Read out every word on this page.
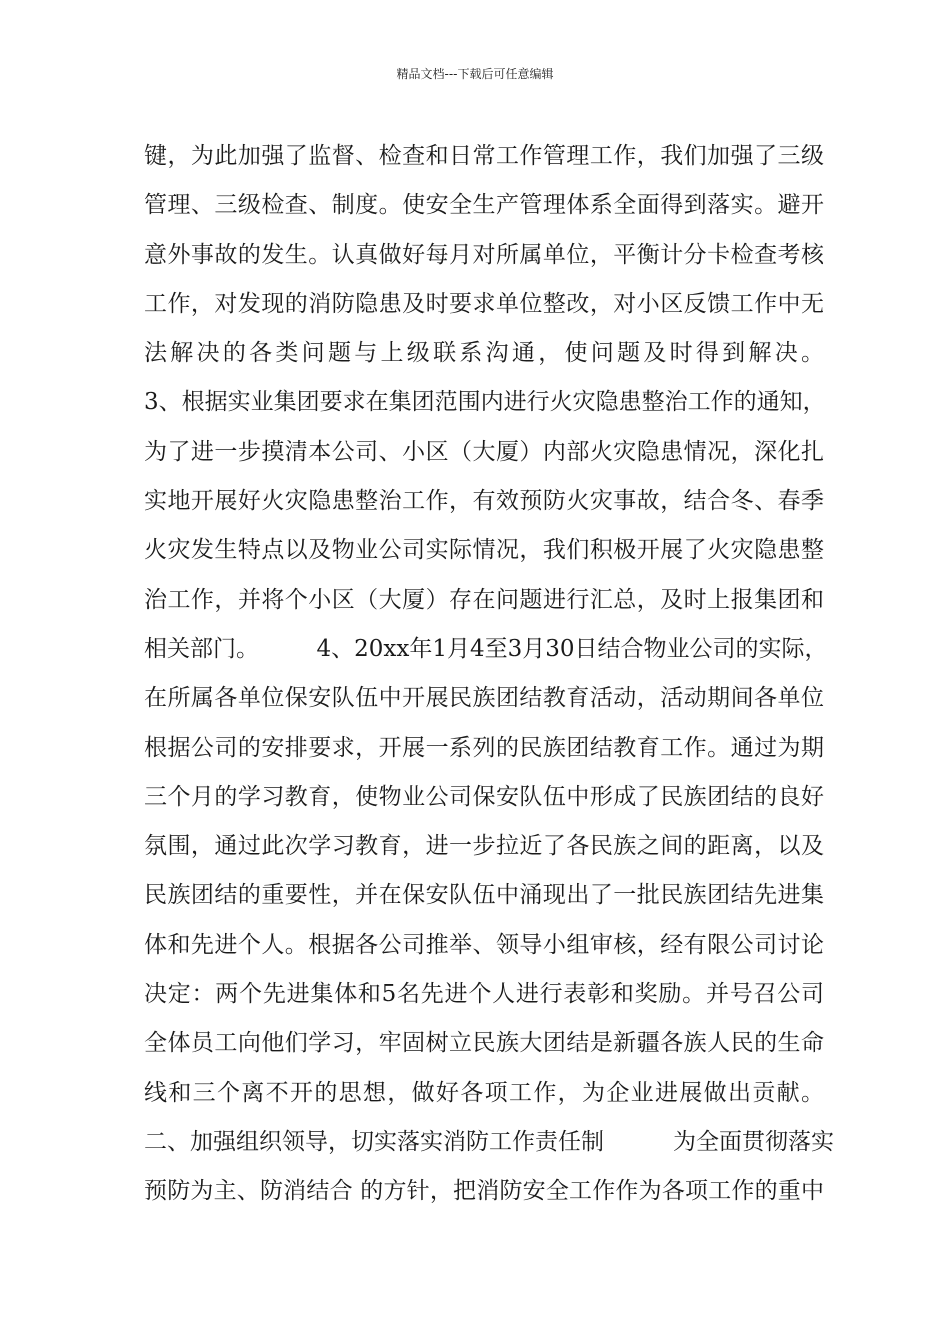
精品文档---下载后可任意编辑
键，为此加强了监督、检查和日常工作管理工作，我们加强了三级
管理、三级检查、制度。使安全生产管理体系全面得到落实。避开
意外事故的发生。认真做好每月对所属单位，平衡计分卡检查考核
工作，对发现的消防隐患及时要求单位整改，对小区反馈工作中无
法解决的各类问题与上级联系沟通，使问题及时得到解决。
3、根据实业集团要求在集团范围内进行火灾隐患整治工作的通知，
为了进一步摸清本公司、小区（大厦）内部火灾隐患情况，深化扎
实地开展好火灾隐患整治工作，有效预防火灾事故，结合冬、春季
火灾发生特点以及物业公司实际情况，我们积极开展了火灾隐患整
治工作，并将个小区（大厦）存在问题进行汇总，及时上报集团和
相关部门。　　　4、20xx年1月4至3月30日结合物业公司的实际，
在所属各单位保安队伍中开展民族团结教育活动，活动期间各单位
根据公司的安排要求，开展一系列的民族团结教育工作。通过为期
三个月的学习教育，使物业公司保安队伍中形成了民族团结的良好
氛围，通过此次学习教育，进一步拉近了各民族之间的距离，以及
民族团结的重要性，并在保安队伍中涌现出了一批民族团结先进集
体和先进个人。根据各公司推举、领导小组审核，经有限公司讨论
决定：两个先进集体和5名先进个人进行表彰和奖励。并号召公司
全体员工向他们学习，牢固树立民族大团结是新疆各族人民的生命
线和三个离不开的思想，做好各项工作，为企业进展做出贡献。
二、加强组织领导，切实落实消防工作责任制　　　为全面贯彻落实
预防为主、防消结合 的方针，把消防安全工作作为各项工作的重中
